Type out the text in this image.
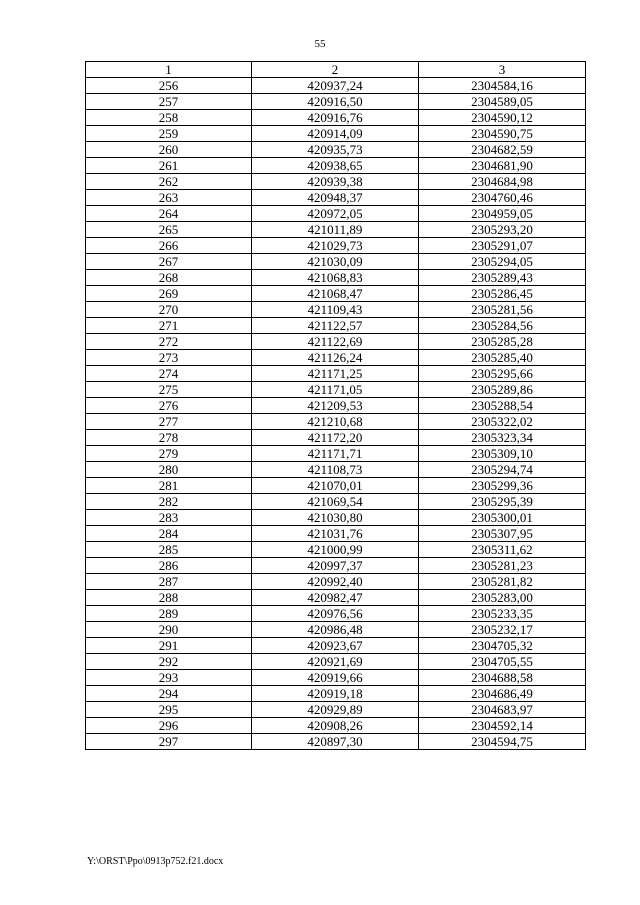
55
1	2	3
256	420937,24	2304584,16
257	420916,50	2304589,05
258	420916,76	2304590,12
259	420914,09	2304590,75
260	420935,73	2304682,59
261	420938,65	2304681,90
262	420939,38	2304684,98
263	420948,37	2304760,46
264	420972,05	2304959,05
265	421011,89	2305293,20
266	421029,73	2305291,07
267	421030,09	2305294,05
268	421068,83	2305289,43
269	421068,47	2305286,45
270	421109,43	2305281,56
271	421122,57	2305284,56
272	421122,69	2305285,28
273	421126,24	2305285,40
274	421171,25	2305295,66
275	421171,05	2305289,86
276	421209,53	2305288,54
277	421210,68	2305322,02
278	421172,20	2305323,34
279	421171,71	2305309,10
280	421108,73	2305294,74
281	421070,01	2305299,36
282	421069,54	2305295,39
283	421030,80	2305300,01
284	421031,76	2305307,95
285	421000,99	2305311,62
286	420997,37	2305281,23
287	420992,40	2305281,82
288	420982,47	2305283,00
289	420976,56	2305233,35
290	420986,48	2305232,17
291	420923,67	2304705,32
292	420921,69	2304705,55
293	420919,66	2304688,58
294	420919,18	2304686,49
295	420929,89	2304683,97
296	420908,26	2304592,14
297	420897,30	2304594,75
Y:\ORST\Ppo\0913p752.f21.docx
